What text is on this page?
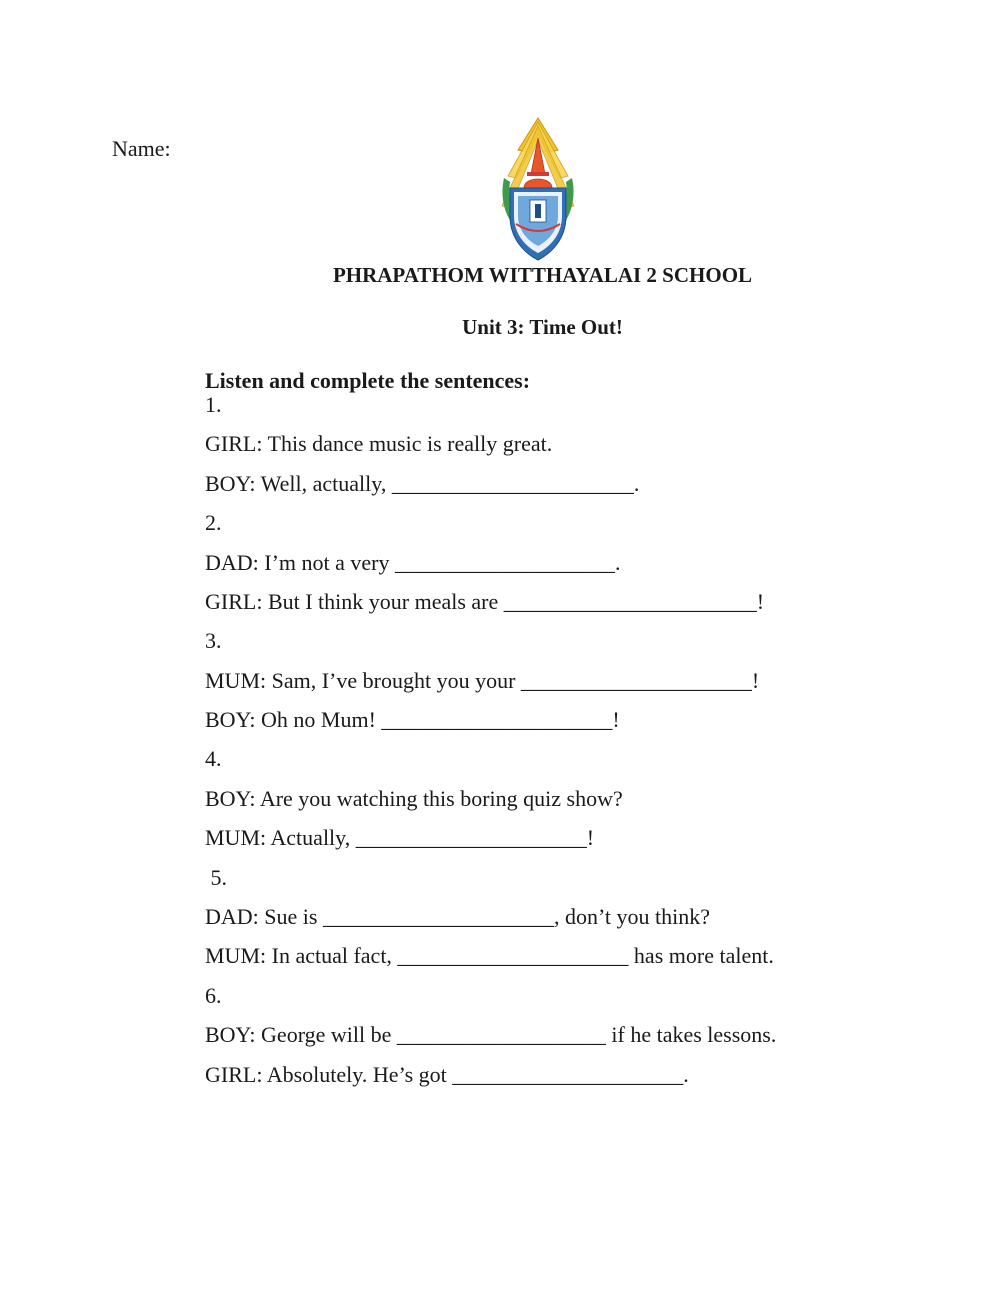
Name:
PHRAPATHOM WITTHAYALAI 2 SCHOOL
Unit 3: Time Out!
Listen and complete the sentences:
1.
GIRL: This dance music is really great.
BOY: Well, actually, ______________________.
2.
DAD: I’m not a very ____________________.
GIRL: But I think your meals are _______________________!
3.
MUM: Sam, I’ve brought you your _____________________!
BOY: Oh no Mum! _____________________!
4.
BOY: Are you watching this boring quiz show?
MUM: Actually, _____________________!
5.
DAD: Sue is _____________________, don’t you think?
MUM: In actual fact, _____________________ has more talent.
6.
BOY: George will be ___________________ if he takes lessons.
GIRL: Absolutely. He’s got _____________________.
